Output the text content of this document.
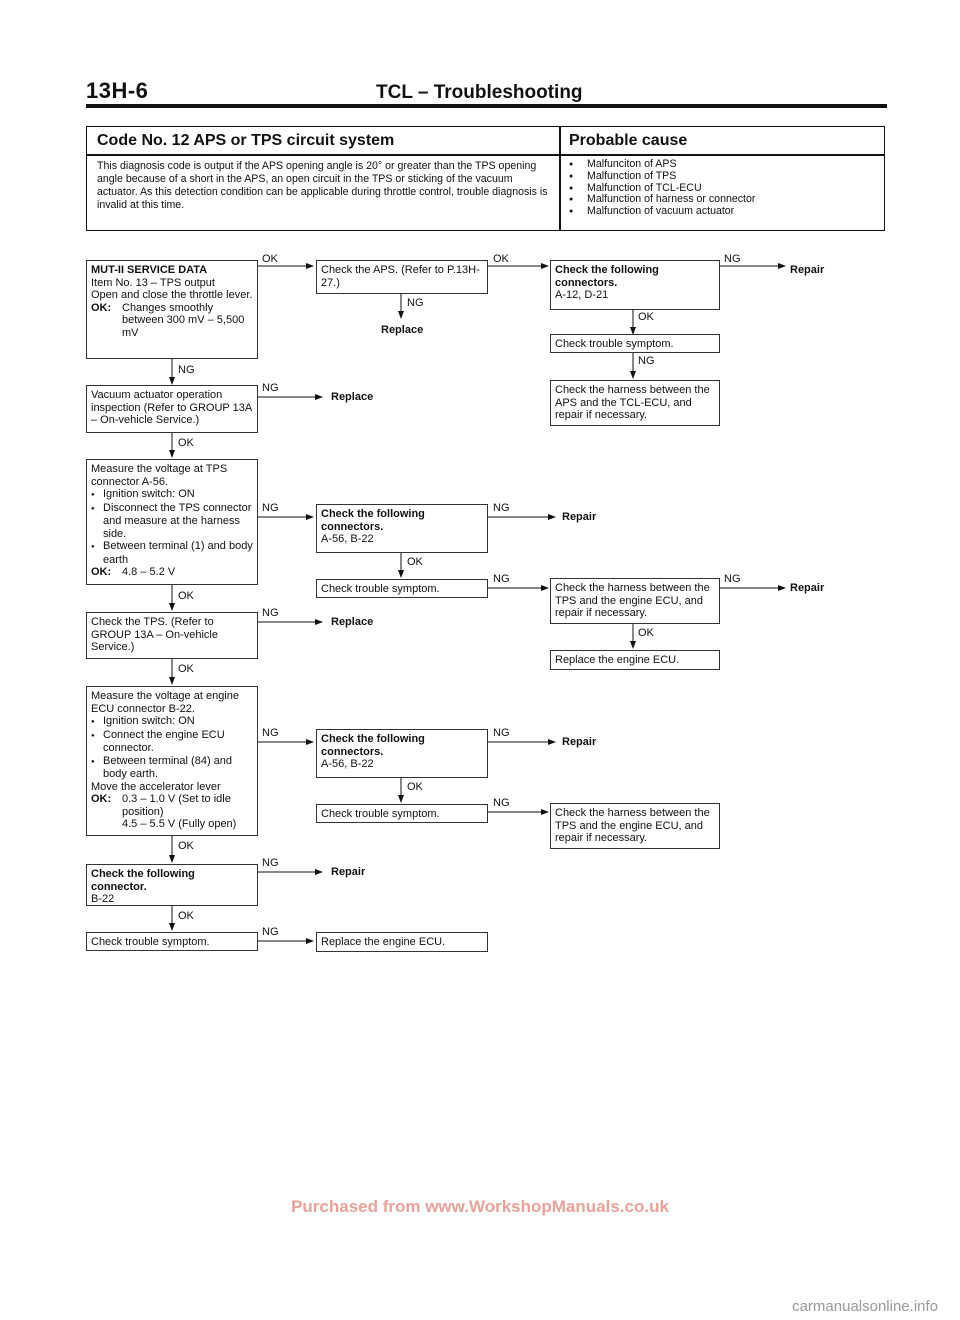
13H-6	TCL – Troubleshooting
Code No. 12 APS or TPS circuit system	Probable cause
This diagnosis code is output if the APS opening angle is 20° or greater than the TPS opening angle because of a short in the APS, an open circuit in the TPS or sticking of the vacuum actuator. As this detection condition can be applicable during throttle control, trouble diagnosis is invalid at this time.
● Malfunciton of APS
● Malfunction of TPS
● Malfunction of TCL-ECU
● Malfunction of harness or connector
● Malfunction of vacuum actuator
MUT-II SERVICE DATA
Item No. 13 – TPS output
Open and close the throttle lever.
OK: Changes smoothly between 300 mV – 5,500 mV
Check the APS. (Refer to P.13H-27.)
Check the following connectors.
A-12, D-21
Check trouble symptom.
Check the harness between the APS and the TCL-ECU, and repair if necessary.
Vacuum actuator operation inspection (Refer to GROUP 13A – On-vehicle Service.)
Measure the voltage at TPS connector A-56.
● Ignition switch: ON
● Disconnect the TPS connector and measure at the harness side.
● Between terminal (1) and body earth
OK: 4.8 – 5.2 V
Check the following connectors.
A-56, B-22
Check trouble symptom.	Check the harness between the TPS and the engine ECU, and repair if necessary.
Replace the engine ECU.
Check the TPS. (Refer to GROUP 13A – On-vehicle Service.)
Measure the voltage at engine ECU connector B-22.
● Ignition switch: ON
● Connect the engine ECU connector.
● Between terminal (84) and body earth.
Move the accelerator lever
OK: 0.3 – 1.0 V (Set to idle position)
4.5 – 5.5 V (Fully open)
Check the following connectors.
A-56, B-22
Check trouble symptom.	Check the harness between the TPS and the engine ECU, and repair if necessary.
Check the following connector.
B-22
Check trouble symptom.	Replace the engine ECU.
OK	OK	NG
NG
OK
NG
NG
NG
OK
NG	NG
OK
NG	NG
OK
NG
OK
OK
NG	NG
OK
NG
OK
NG
OK
NG
Replace
Repair
Replace
Repair
Repair
Replace
Repair
Repair
Purchased from www.WorkshopManuals.co.uk
carmanualsonline.info
